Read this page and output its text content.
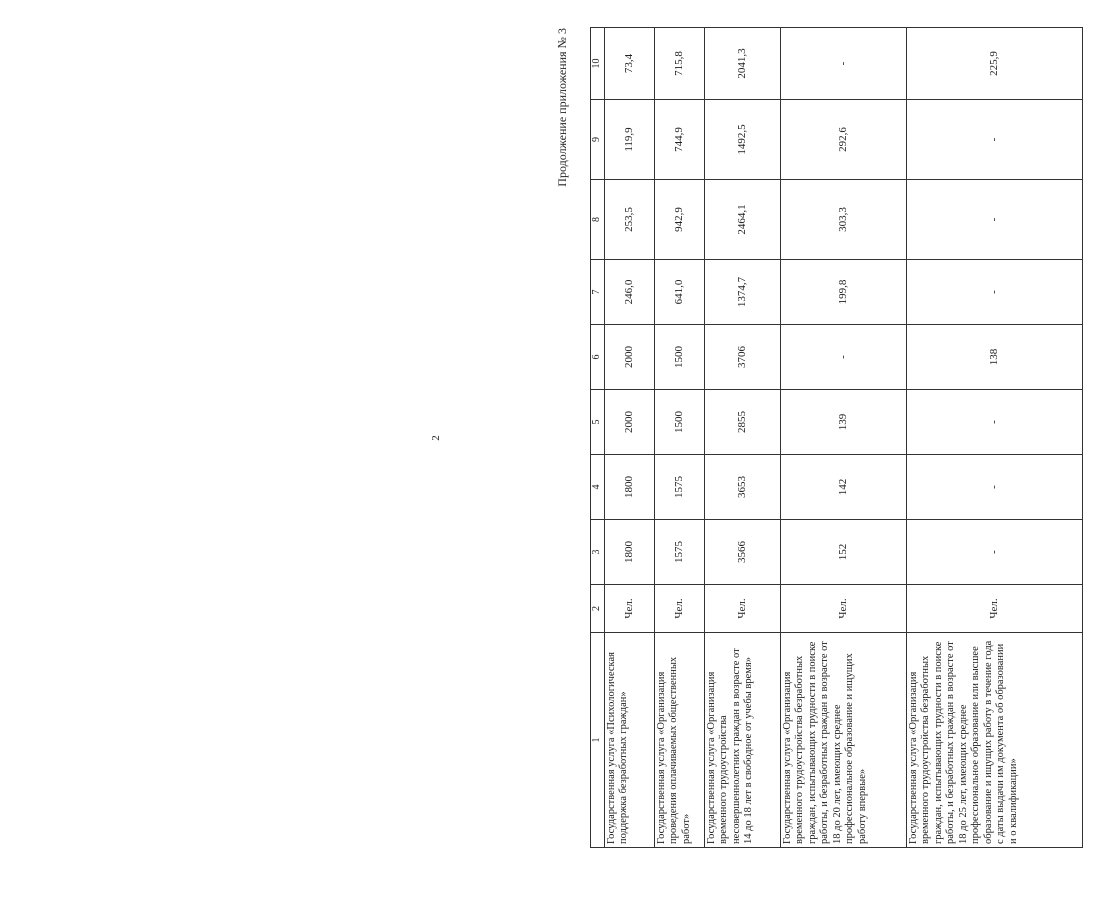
2
Продолжение приложения № 3
1	2	3	4	5	6	7	8	9	10
Государственная услуга «Психологическая поддержка безработных граждан»	Чел.	1800	1800	2000	2000	246,0	253,5	119,9	73,4
Государственная услуга «Организация проведения оплачиваемых общественных работ»	Чел.	1575	1575	1500	1500	641,0	942,9	744,9	715,8
Государственная услуга «Организация временного трудоустройства несовершеннолетних граждан в возрасте от 14 до 18 лет в свободное от учебы время»	Чел.	3566	3653	2855	3706	1374,7	2464,1	1492,5	2041,3
Государственная услуга «Организация временного трудоустройства безработных граждан, испытывающих трудности в поиске работы, и безработных граждан в возрасте от 18 до 20 лет, имеющих среднее профессиональное образование и ищущих работу впервые»	Чел.	152	142	139	-	199,8	303,3	292,6	-
Государственная услуга «Организация временного трудоустройства безработных граждан, испытывающих трудности в поиске работы, и безработных граждан в возрасте от 18 до 25 лет, имеющих среднее профессиональное образование или высшее образование и ищущих работу в течение года с даты выдачи им документа об образовании и о квалификации»	Чел.	-	-	-	138	-	-	-	225,9
